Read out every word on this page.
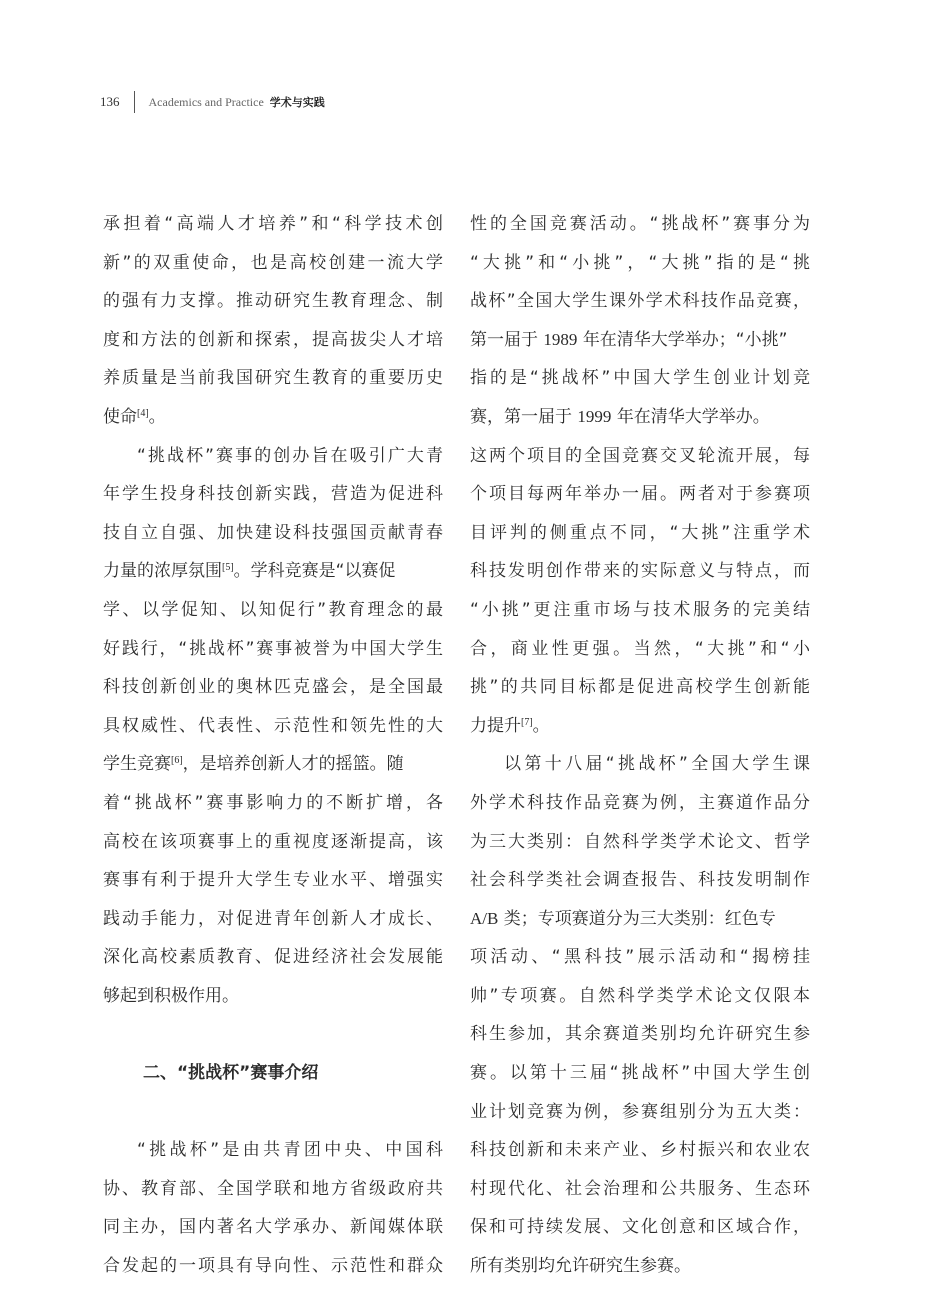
136 Academics and Practice 学术与实践
承担着“高端人才培养”和“科学技术创
新”的双重使命，也是高校创建一流大学
的强有力支撑。推动研究生教育理念、制
度和方法的创新和探索，提高拔尖人才培
养质量是当前我国研究生教育的重要历史
使命[4]。
“挑战杯”赛事的创办旨在吸引广大青
年学生投身科技创新实践，营造为促进科
技自立自强、加快建设科技强国贡献青春
力量的浓厚氛围[5]。学科竞赛是“以赛促
学、以学促知、以知促行”教育理念的最
好践行，“挑战杯”赛事被誉为中国大学生
科技创新创业的奥林匹克盛会，是全国最
具权威性、代表性、示范性和领先性的大
学生竞赛[6]，是培养创新人才的摇篮。随
着“挑战杯”赛事影响力的不断扩增，各
高校在该项赛事上的重视度逐渐提高，该
赛事有利于提升大学生专业水平、增强实
践动手能力，对促进青年创新人才成长、
深化高校素质教育、促进经济社会发展能
够起到积极作用。
二、“挑战杯”赛事介绍
“挑战杯”是由共青团中央、中国科
协、教育部、全国学联和地方省级政府共
同主办，国内著名大学承办、新闻媒体联
合发起的一项具有导向性、示范性和群众
性的全国竞赛活动。“挑战杯”赛事分为
“大挑”和“小挑”，“大挑”指的是“挑
战杯”全国大学生课外学术科技作品竞赛，
第一届于 1989 年在清华大学举办；“小挑”
指的是“挑战杯”中国大学生创业计划竞
赛，第一届于 1999 年在清华大学举办。
这两个项目的全国竞赛交叉轮流开展，每
个项目每两年举办一届。两者对于参赛项
目评判的侧重点不同，“大挑”注重学术
科技发明创作带来的实际意义与特点，而
“小挑”更注重市场与技术服务的完美结
合，商业性更强。当然，“大挑”和“小
挑”的共同目标都是促进高校学生创新能
力提升[7]。
以第十八届“挑战杯”全国大学生课
外学术科技作品竞赛为例，主赛道作品分
为三大类别：自然科学类学术论文、哲学
社会科学类社会调查报告、科技发明制作
A/B 类；专项赛道分为三大类别：红色专
项活动、“黑科技”展示活动和“揭榜挂
帅”专项赛。自然科学类学术论文仅限本
科生参加，其余赛道类别均允许研究生参
赛。以第十三届“挑战杯”中国大学生创
业计划竞赛为例，参赛组别分为五大类：
科技创新和未来产业、乡村振兴和农业农
村现代化、社会治理和公共服务、生态环
保和可持续发展、文化创意和区域合作，
所有类别均允许研究生参赛。
